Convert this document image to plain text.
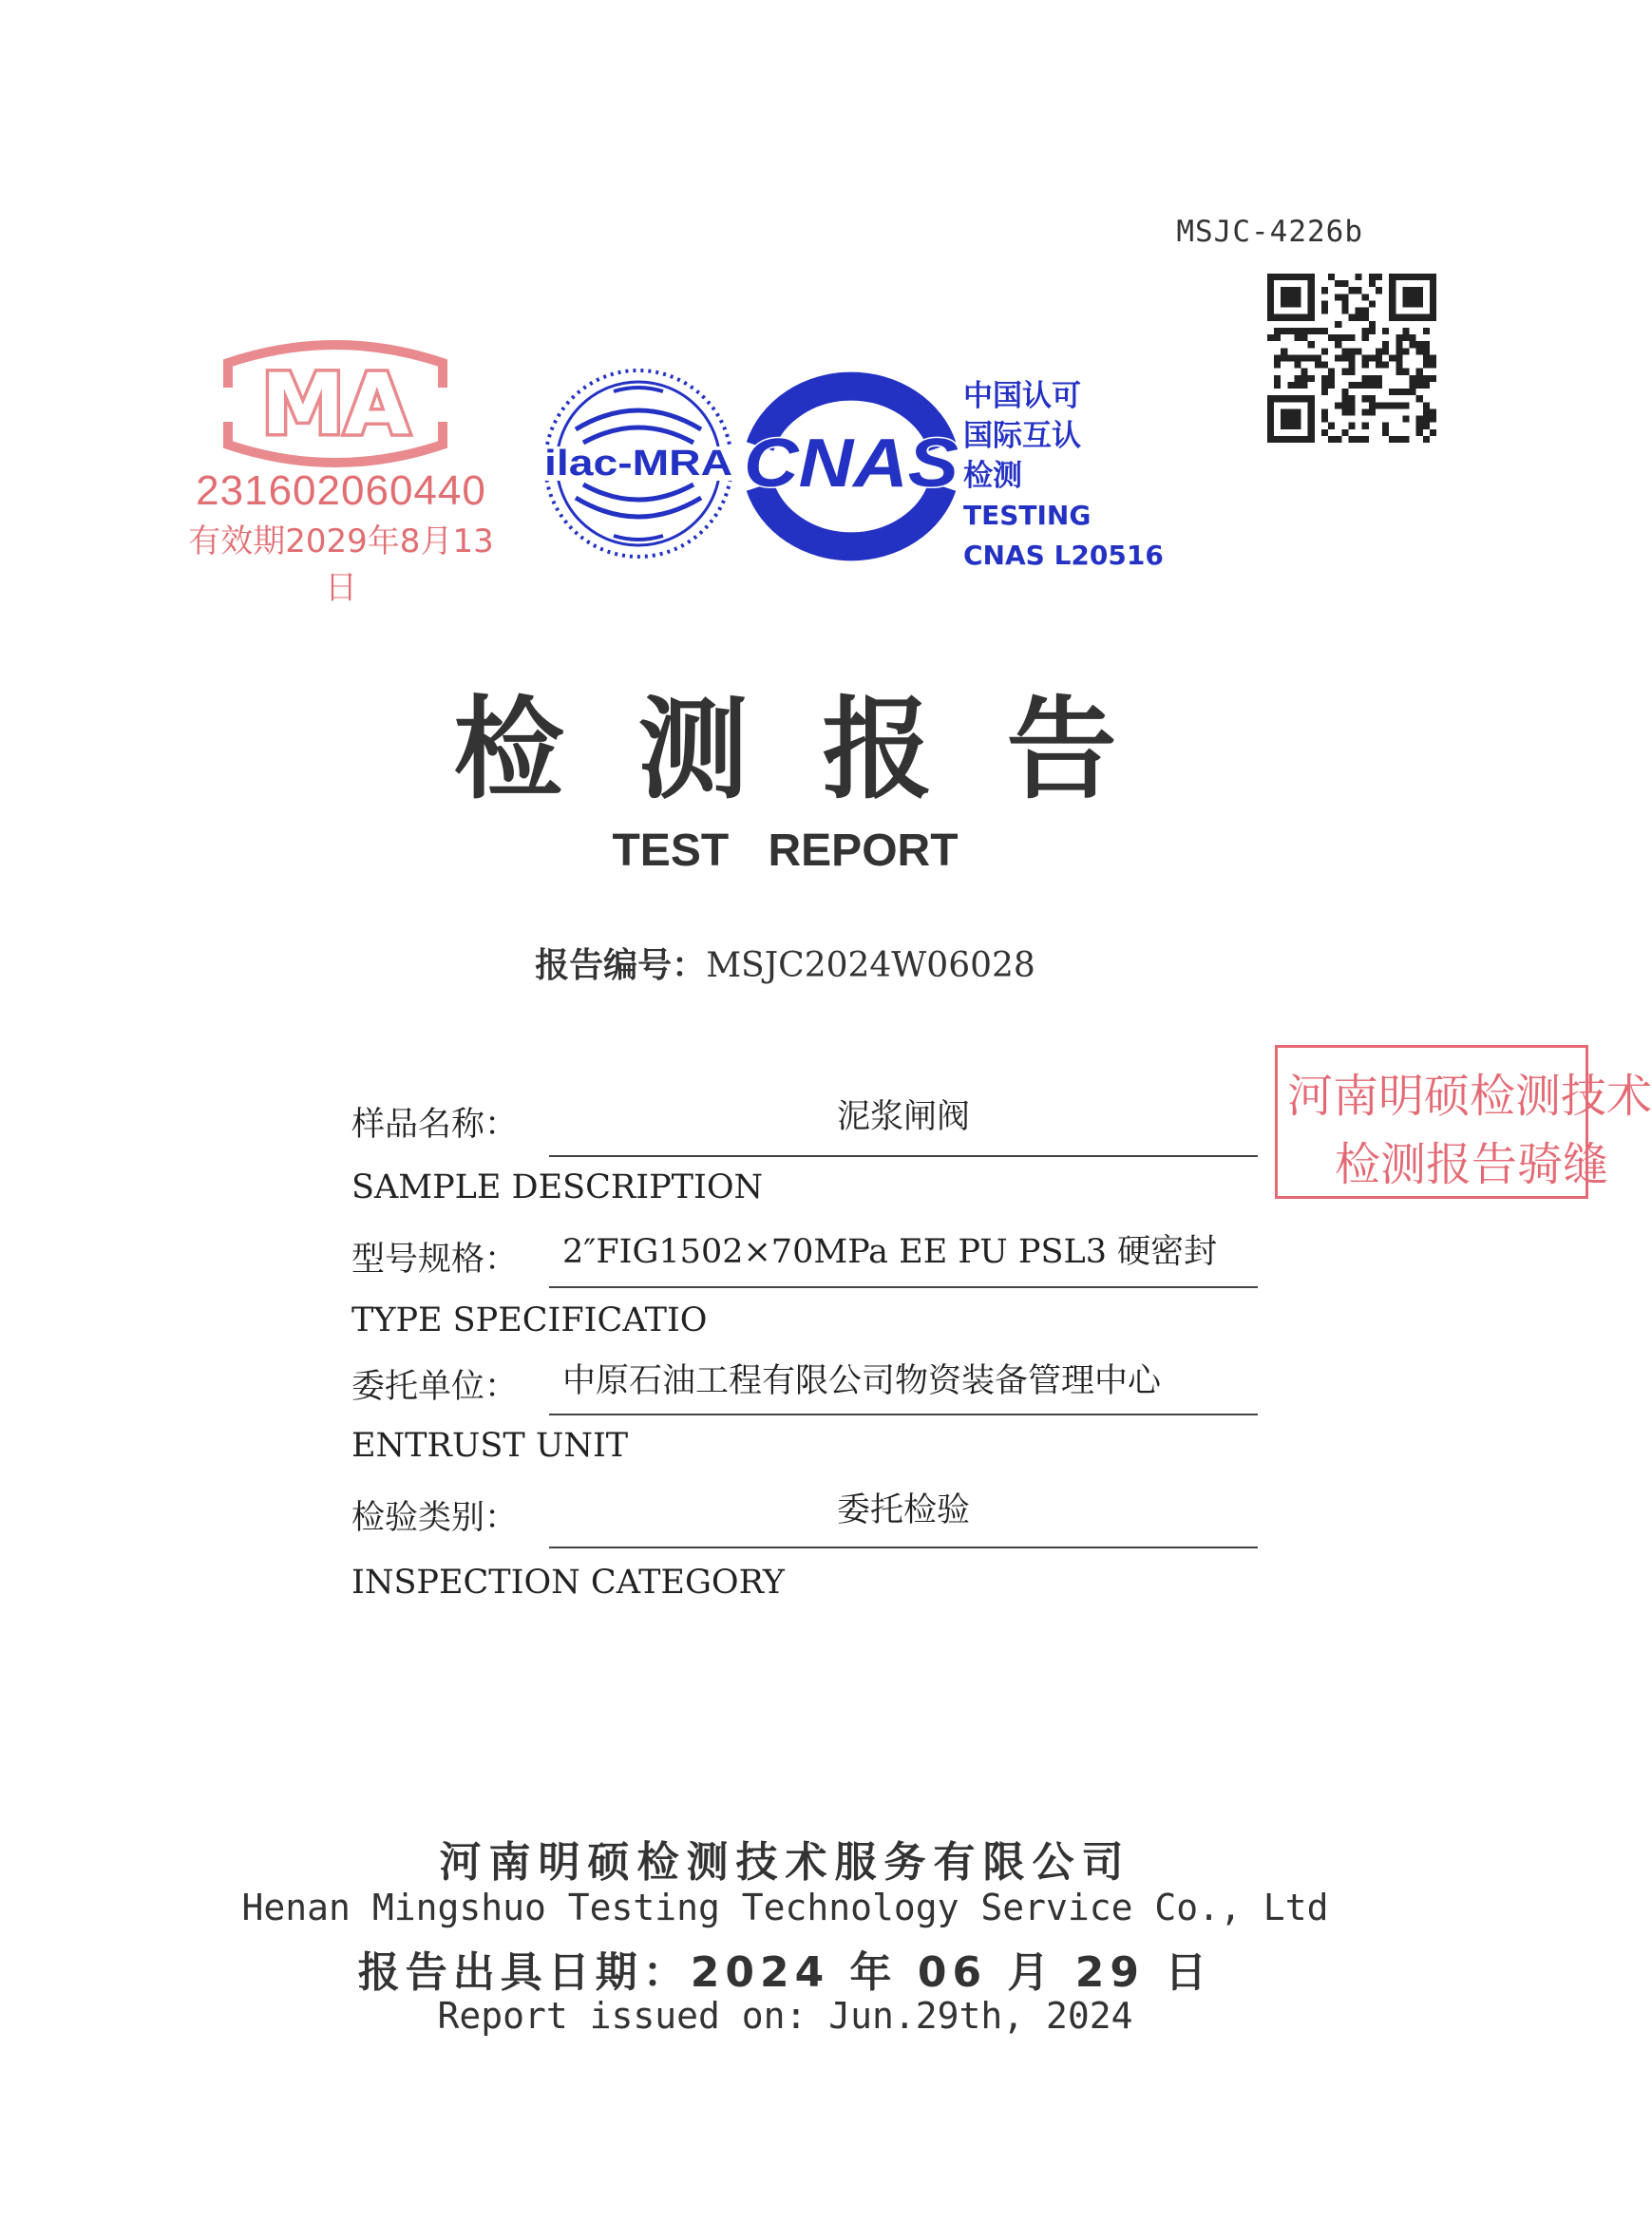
MSJC-4226b
MA
231602060440
有效期2029年8月13日
ilac-MRA CNAS
中国认可
国际互认
检测
TESTING
CNAS L20516
检测报告
TEST REPORT
报告编号：MSJC2024W06028
样品名称：	泥浆闸阀
SAMPLE DESCRIPTION
型号规格：	2″FIG1502×70MPa EE PU PSL3 硬密封
TYPE SPECIFICATIO
委托单位：	中原石油工程有限公司物资装备管理中心
ENTRUST UNIT
检验类别：	委托检验
INSPECTION CATEGORY
河南明硕检测技术
检测报告骑缝
河南明硕检测技术服务有限公司
Henan Mingshuo Testing Technology Service Co., Ltd
报告出具日期：2024 年 06 月 29 日
Report issued on: Jun.29th, 2024
